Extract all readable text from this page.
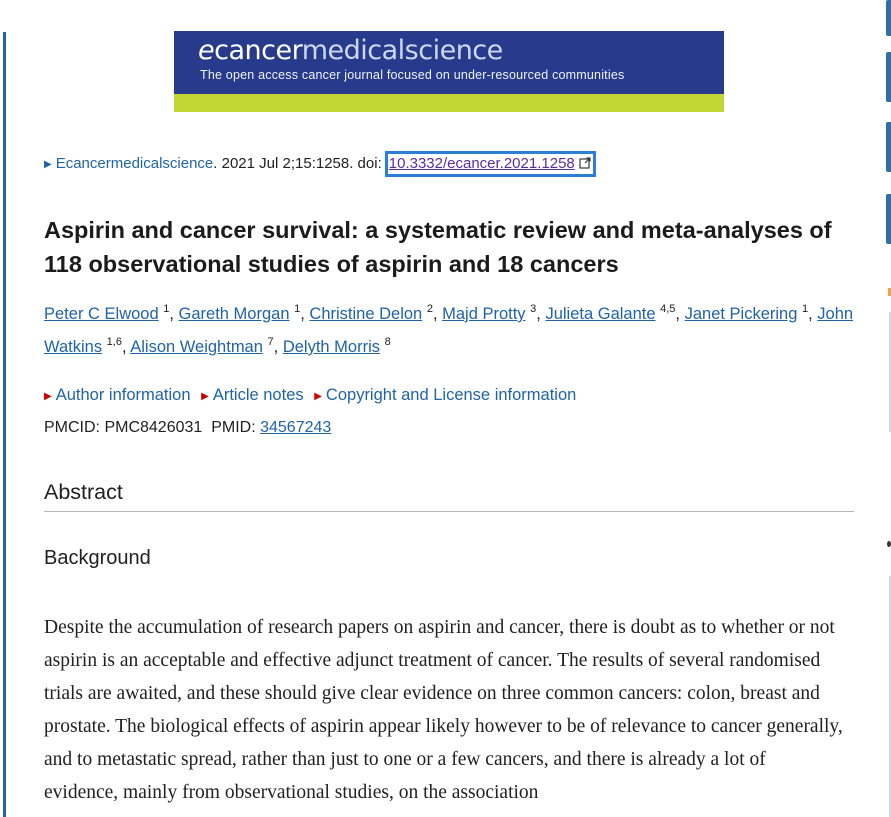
ecancermedicalscience
The open access cancer journal focused on under-resourced communities
▶ Ecancermedicalscience. 2021 Jul 2;15:1258. doi: 10.3332/ecancer.2021.1258
Aspirin and cancer survival: a systematic review and meta-analyses of 118 observational studies of aspirin and 18 cancers
Peter C Elwood $^1$, Gareth Morgan $^1$, Christine Delon $^2$, Majd Protty $^3$, Julieta Galante $^{4,5}$, Janet Pickering $^1$, John Watkins $^{1,6}$, Alison Weightman $^7$, Delyth Morris $^8$
▶ Author information ▶ Article notes ▶ Copyright and License information
PMCID: PMC8426031 PMID: 34567243
Abstract
Background
Despite the accumulation of research papers on aspirin and cancer, there is doubt as to whether or not aspirin is an acceptable and effective adjunct treatment of cancer. The results of several randomised trials are awaited, and these should give clear evidence on three common cancers: colon, breast and prostate. The biological effects of aspirin appear likely however to be of relevance to cancer generally, and to metastatic spread, rather than just to one or a few cancers, and there is already a lot of evidence, mainly from observational studies, on the association
